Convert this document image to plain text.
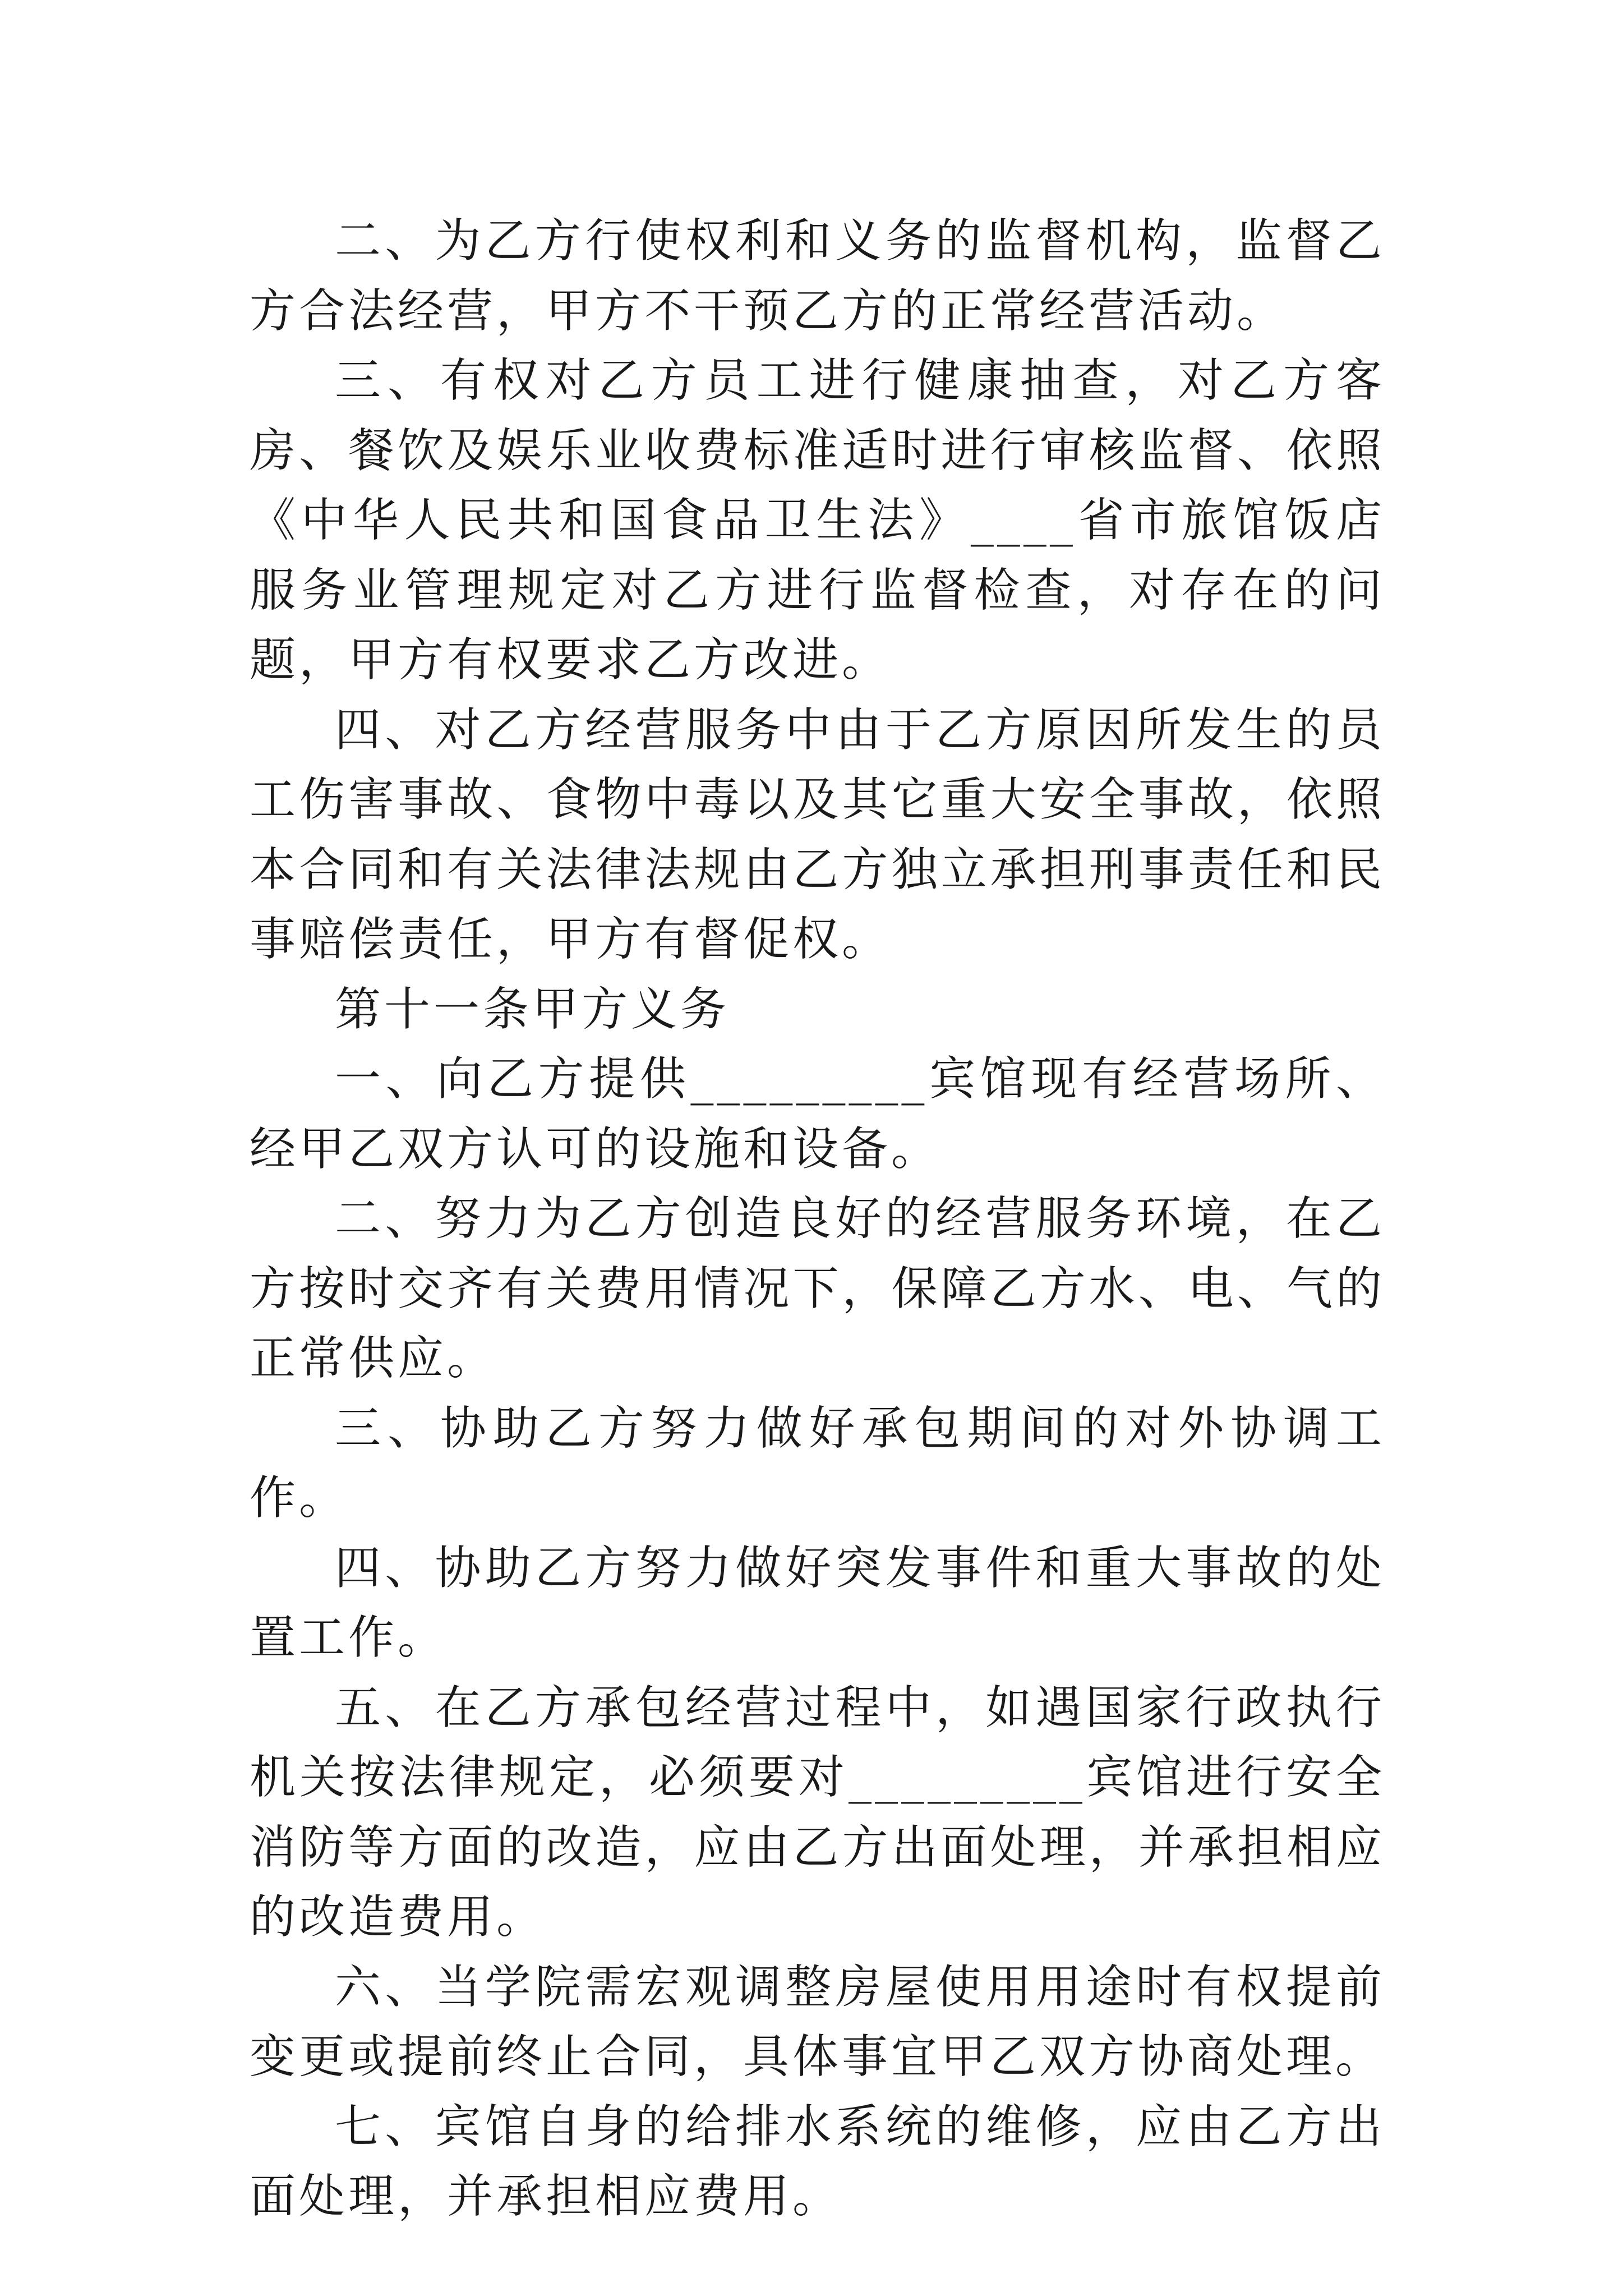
二、为乙方行使权利和义务的监督机构，监督乙方合法经营，甲方不干预乙方的正常经营活动。

三、有权对乙方员工进行健康抽查，对乙方客房、餐饮及娱乐业收费标准适时进行审核监督、依照《中华人民共和国食品卫生法》____省市旅馆饭店服务业管理规定对乙方进行监督检查，对存在的问题，甲方有权要求乙方改进。

四、对乙方经营服务中由于乙方原因所发生的员工伤害事故、食物中毒以及其它重大安全事故，依照本合同和有关法律法规由乙方独立承担刑事责任和民事赔偿责任，甲方有督促权。

第十一条甲方义务

一、向乙方提供_________宾馆现有经营场所、经甲乙双方认可的设施和设备。

二、努力为乙方创造良好的经营服务环境，在乙方按时交齐有关费用情况下，保障乙方水、电、气的正常供应。

三、协助乙方努力做好承包期间的对外协调工作。

四、协助乙方努力做好突发事件和重大事故的处置工作。

五、在乙方承包经营过程中，如遇国家行政执行机关按法律规定，必须要对_________宾馆进行安全消防等方面的改造，应由乙方出面处理，并承担相应的改造费用。

六、当学院需宏观调整房屋使用用途时有权提前变更或提前终止合同，具体事宜甲乙双方协商处理。

七、宾馆自身的给排水系统的维修，应由乙方出面处理，并承担相应费用。
